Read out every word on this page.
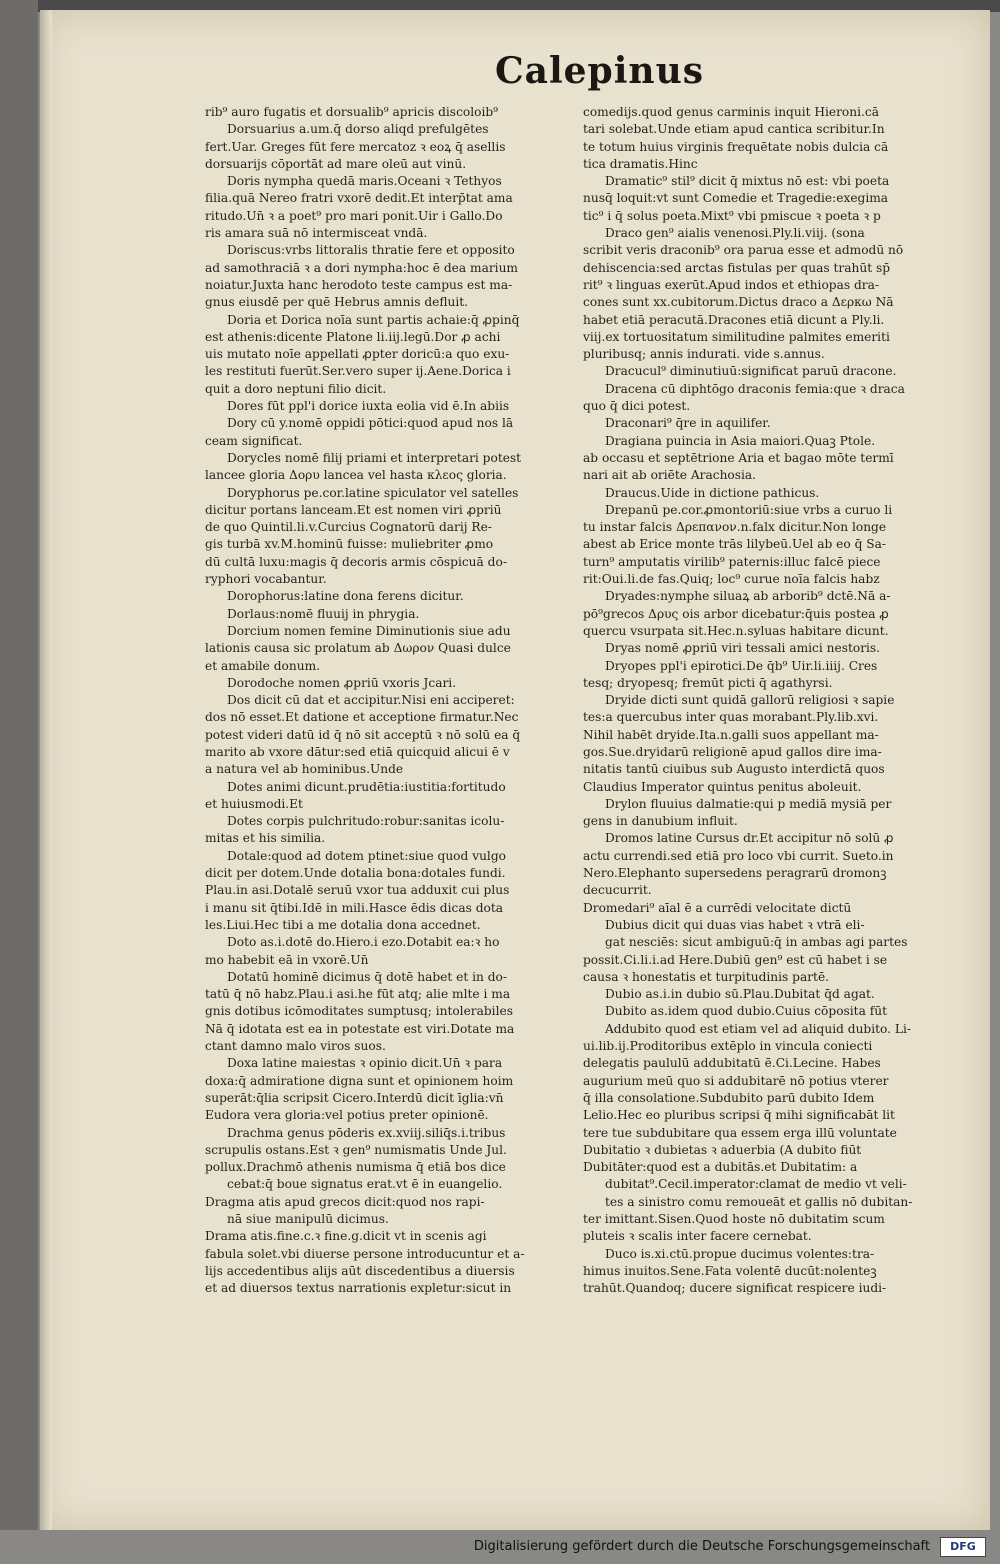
Calepinus
rib⁹ auro fugatis et dorsualib⁹ apricis discoloib⁹
Dorsuarius a.um.q̄ dorso aliqd prefulgētes
fert.Uar. Greges fūt fere mercatoz ꝛ eoꝝ q̄ asellis
dorsuarijs cōportāt ad mare oleū aut vinū.
Doris nympha quedā maris.Oceani ꝛ Tethyos
filia.quā Nereo fratri vxorē dedit.Et interp̄tat ama
ritudo.Un̄ ꝛ a poet⁹ pro mari ponit.Uir i Gallo.Do
ris amara suā nō intermisceat vndā.
Doriscus:vrbs littoralis thratie fere et opposito
ad samothraciā ꝛ a dori nympha:hoc ē dea marium
noiatur.Juxta hanc herodoto teste campus est ma-
gnus eiusdē per quē Hebrus amnis defluit.
Doria et Dorica noīa sunt partis achaie:q̄ ꝓpinq̄
est athenis:dicente Platone li.iij.legū.Dor ꝓ achi
uis mutato noīe appellati ꝓpter doricū:a quo exu-
les restituti fuerūt.Ser.vero super ij.Aene.Dorica i
quit a doro neptuni filio dicit.
Dores fūt ppl'i dorice iuxta eolia vid ē.In abiis
Dory cū y.nomē oppidi pōtici:quod apud nos lā
ceam significat.
Dorycles nomē filij priami et interpretari potest
lancee gloria Δορυ lancea vel hasta κλεος gloria.
Doryphorus pe.cor.latine spiculator vel satelles
dicitur portans lanceam.Et est nomen viri ꝓpriū
de quo Quintil.li.v.Curcius Cognatorū darij Re-
gis turbā xv.M.hominū fuisse: muliebriter ꝓmo
dū cultā luxu:magis q̄ decoris armis cōspicuā do-
ryphori vocabantur.
Dorophorus:latine dona ferens dicitur.
Dorlaus:nomē fluuij in phrygia.
Dorcium nomen femine Diminutionis siue adu
lationis causa sic prolatum ab Δωρον Quasi dulce
et amabile donum.
Dorodoche nomen ꝓpriū vxoris Jcari.
Dos dicit cū dat et accipitur.Nisi eni acciperet:
dos nō esset.Et datione et acceptione firmatur.Nec
potest videri datū id q̄ nō sit acceptū ꝛ nō solū ea q̄
marito ab vxore dātur:sed etiā quicquid alicui ē v
a natura vel ab hominibus.Unde
Dotes animi dicunt.prudētia:iustitia:fortitudo
et huiusmodi.Et
Dotes corpis pulchritudo:robur:sanitas icolu-
mitas et his similia.
Dotale:quod ad dotem ptinet:siue quod vulgo
dicit per dotem.Unde dotalia bona:dotales fundi.
Plau.in asi.Dotalē seruū vxor tua adduxit cui plus
i manu sit q̄tibi.Idē in mili.Hasce ēdis dicas dota
les.Liui.Hec tibi a me dotalia dona accednet.
Doto as.i.dotē do.Hiero.i ezo.Dotabit ea:ꝛ ho
mo habebit eā in vxorē.Un̄
Dotatū hominē dicimus q̄ dotē habet et in do-
tatū q̄ nō habz.Plau.i asi.he fūt atq; alie mlte i ma
gnis dotibus icōmoditates sumptusq; intolerabiles
Nā q̄ idotata est ea in potestate est viri.Dotate ma
ctant damno malo viros suos.
Doxa latine maiestas ꝛ opinio dicit.Un̄ ꝛ para
doxa:q̄ admiratione digna sunt et opinionem hoim
superāt:q̄lia scripsit Cicero.Interdū dicit īglia:vn̄
Eudora vera gloria:vel potius preter opinionē.
Drachma genus pōderis ex.xviij.siliq̄s.i.tribus
scrupulis ostans.Est ꝛ gen⁹ numismatis Unde Jul.
pollux.Drachmō athenis numisma q̄ etiā bos dice
cebat:q̄ boue signatus erat.vt ē in euangelio.
Dragma atis apud grecos dicit:quod nos rapi-
nā siue manipulū dicimus.
Drama atis.fine.c.ꝛ fine.g.dicit vt in scenis agi
fabula solet.vbi diuerse persone introducuntur et a-
lijs accedentibus alijs aūt discedentibus a diuersis
et ad diuersos textus narrationis expletur:sicut in
comedijs.quod genus carminis inquit Hieroni.cā
tari solebat.Unde etiam apud cantica scribitur.In
te totum huius virginis frequētate nobis dulcia cā
tica dramatis.Hinc
Dramatic⁹ stil⁹ dicit q̄ mixtus nō est: vbi poeta
nusq̄ loquit:vt sunt Comedie et Tragedie:exegima
tic⁹ i q̄ solus poeta.Mixt⁹ vbi pmiscue ꝛ poeta ꝛ p
Draco gen⁹ aialis venenosi.Ply.li.viij. (sona
scribit veris draconib⁹ ora parua esse et admodū nō
dehiscencia:sed arctas fistulas per quas trahūt sp̄
rit⁹ ꝛ linguas exerūt.Apud indos et ethiopas dra-
cones sunt xx.cubitorum.Dictus draco a Δερκω Nā
habet etiā peracutā.Dracones etiā dicunt a Ply.li.
viij.ex tortuositatum similitudine palmites emeriti
pluribusq; annis indurati. vide s.annus.
Dracucul⁹ diminutiuū:significat paruū dracone.
Dracena cū diphtōgo draconis femia:que ꝛ draca
quo q̄ dici potest.
Draconari⁹ q̄re in aquilifer.
Dragiana puincia in Asia maiori.Quaꝫ Ptole.
ab occasu et septētrione Aria et bagao mōte termī
nari ait ab oriēte Arachosia.
Draucus.Uide in dictione pathicus.
Drepanū pe.cor.ꝓmontoriū:siue vrbs a curuo li
tu instar falcis Δρεπανον.n.falx dicitur.Non longe
abest ab Erice monte trās lilybeū.Uel ab eo q̄ Sa-
turn⁹ amputatis virilib⁹ paternis:illuc falcē piece
rit:Oui.li.de fas.Quiq; loc⁹ curue noīa falcis habz
Dryades:nymphe siluaꝝ ab arborib⁹ dctē.Nā a-
pō⁹grecos Δρυς ois arbor dicebatur:q̄uis postea ꝓ
quercu vsurpata sit.Hec.n.syluas habitare dicunt.
Dryas nomē ꝓpriū viri tessali amici nestoris.
Dryopes ppl'i epirotici.De q̄b⁹ Uir.li.iiij. Cres
tesq; dryopesq; fremūt picti q̄ agathyrsi.
Dryide dicti sunt quidā gallorū religiosi ꝛ sapie
tes:a quercubus inter quas morabant.Ply.lib.xvi.
Nihil habēt dryide.Ita.n.galli suos appellant ma-
gos.Sue.dryidarū religionē apud gallos dire ima-
nitatis tantū ciuibus sub Augusto interdictā quos
Claudius Imperator quintus penitus aboleuit.
Drylon fluuius dalmatie:qui p mediā mysiā per
gens in danubium influit.
Dromos latine Cursus dr.Et accipitur nō solū ꝓ
actu currendi.sed etiā pro loco vbi currit. Sueto.in
Nero.Elephanto supersedens peragrarū dromonꝫ
decucurrit.
Dromedari⁹ aīal ē a currēdi velocitate dictū
Dubius dicit qui duas vias habet ꝛ vtrā eli-
gat nesciēs: sicut ambiguū:q̄ in ambas agi partes
possit.Ci.li.i.ad Here.Dubiū gen⁹ est cū habet i se
causa ꝛ honestatis et turpitudinis partē.
Dubio as.i.in dubio sū.Plau.Dubitat q̄d agat.
Dubito as.idem quod dubio.Cuius cōposita fūt
Addubito quod est etiam vel ad aliquid dubito. Li-
ui.lib.ij.Proditoribus extēplo in vincula coniecti
delegatis paululū addubitatū ē.Ci.Lecine. Habes
augurium meū quo si addubitarē nō potius vterer
q̄ illa consolatione.Subdubito parū dubito Idem
Lelio.Hec eo pluribus scripsi q̄ mihi significabāt lit
tere tue subdubitare qua essem erga illū voluntate
Dubitatio ꝛ dubietas ꝛ aduerbia (A dubito fiūt
Dubitāter:quod est a dubitās.et Dubitatim: a
dubitat⁹.Cecil.imperator:clamat de medio vt veli-
tes a sinistro comu remoueāt et gallis nō dubitan-
ter imittant.Sisen.Quod hoste nō dubitatim scum
pluteis ꝛ scalis inter facere cernebat.
Duco is.xi.ctū.propue ducimus volentes:tra-
himus inuitos.Sene.Fata volentē ducūt:nolenteꝫ
trahūt.Quandoq; ducere significat respicere iudi-
Digitalisierung gefördert durch die Deutsche Forschungsgemeinschaft	DFG
